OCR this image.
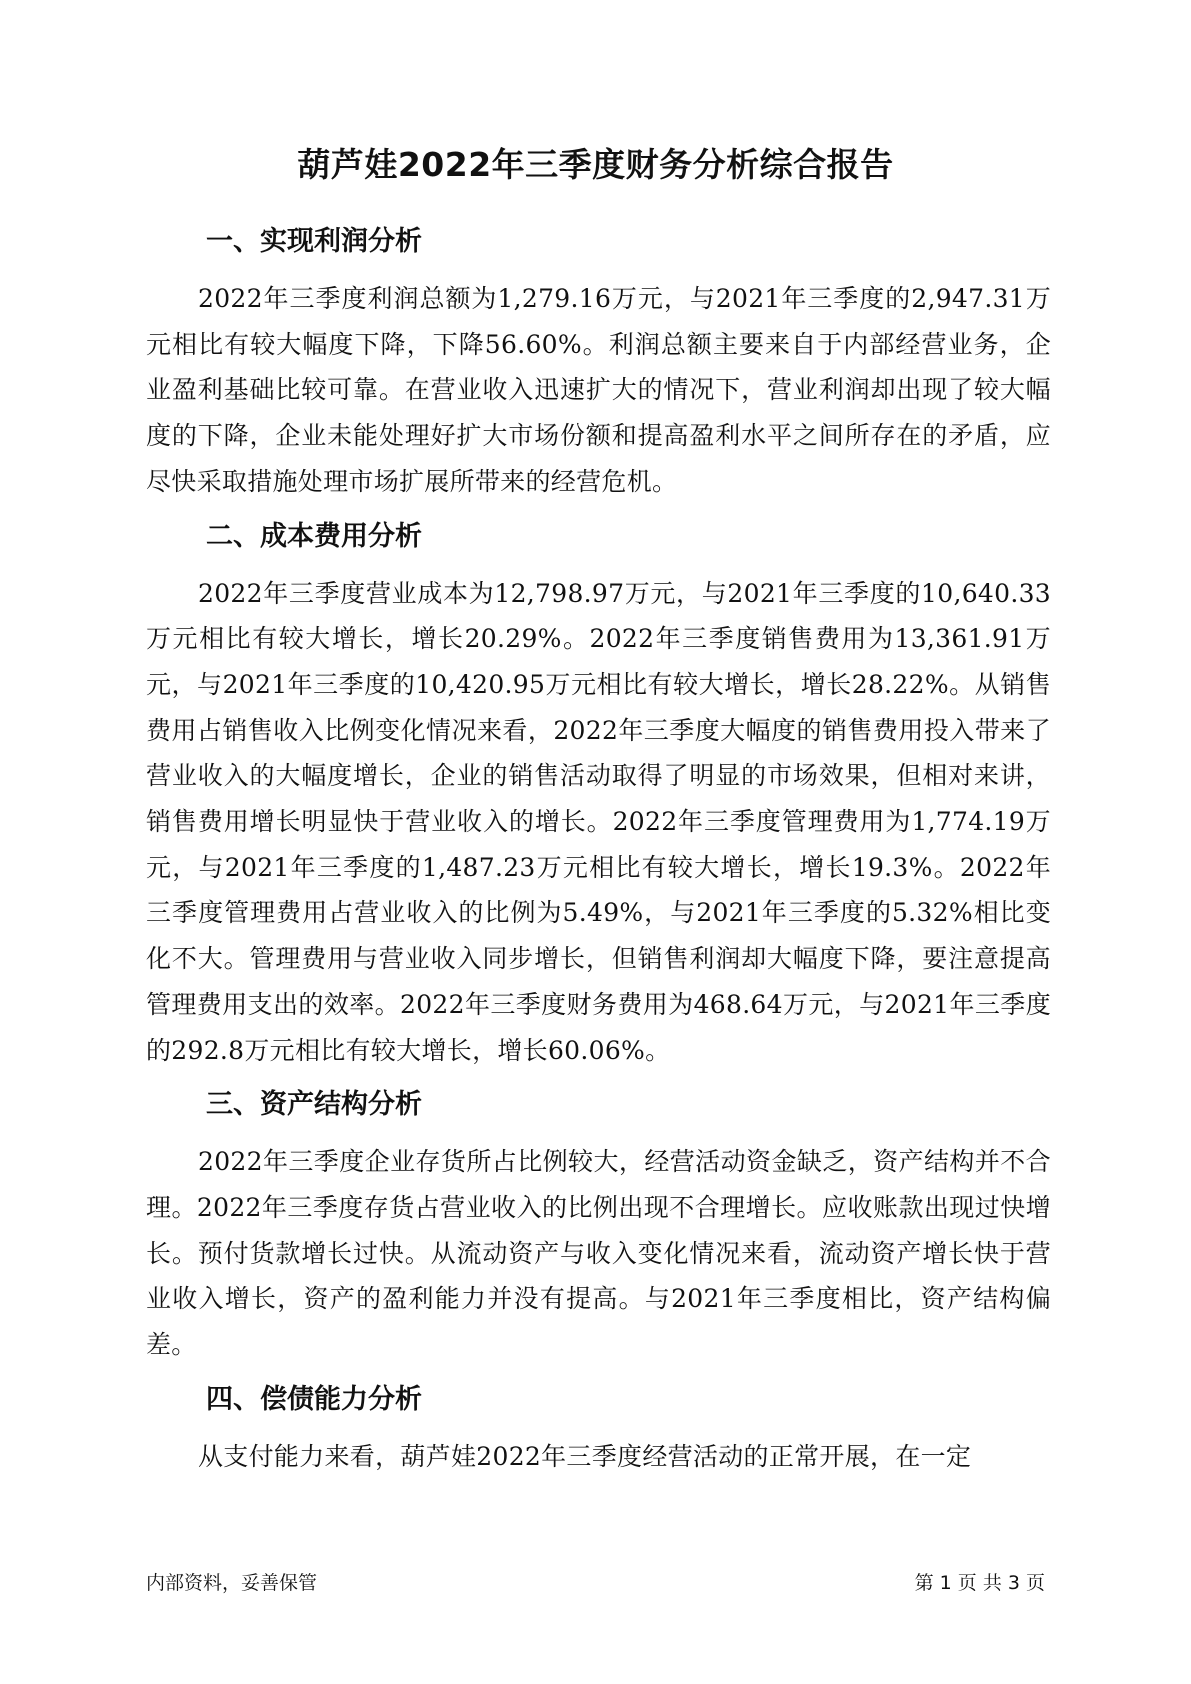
葫芦娃2022年三季度财务分析综合报告
一、实现利润分析

2022年三季度利润总额为1,279.16万元，与2021年三季度的2,947.31万元相比有较大幅度下降，下降56.60%。利润总额主要来自于内部经营业务，企业盈利基础比较可靠。在营业收入迅速扩大的情况下，营业利润却出现了较大幅度的下降，企业未能处理好扩大市场份额和提高盈利水平之间所存在的矛盾，应尽快采取措施处理市场扩展所带来的经营危机。

二、成本费用分析

2022年三季度营业成本为12,798.97万元，与2021年三季度的10,640.33万元相比有较大增长，增长20.29%。2022年三季度销售费用为13,361.91万元，与2021年三季度的10,420.95万元相比有较大增长，增长28.22%。从销售费用占销售收入比例变化情况来看，2022年三季度大幅度的销售费用投入带来了营业收入的大幅度增长，企业的销售活动取得了明显的市场效果，但相对来讲，销售费用增长明显快于营业收入的增长。2022年三季度管理费用为1,774.19万元，与2021年三季度的1,487.23万元相比有较大增长，增长19.3%。2022年三季度管理费用占营业收入的比例为5.49%，与2021年三季度的5.32%相比变化不大。管理费用与营业收入同步增长，但销售利润却大幅度下降，要注意提高管理费用支出的效率。2022年三季度财务费用为468.64万元，与2021年三季度的292.8万元相比有较大增长，增长60.06%。

三、资产结构分析

2022年三季度企业存货所占比例较大，经营活动资金缺乏，资产结构并不合理。2022年三季度存货占营业收入的比例出现不合理增长。应收账款出现过快增长。预付货款增长过快。从流动资产与收入变化情况来看，流动资产增长快于营业收入增长，资产的盈利能力并没有提高。与2021年三季度相比，资产结构偏差。

四、偿债能力分析

从支付能力来看，葫芦娃2022年三季度经营活动的正常开展，在一定

内部资料，妥善保管	第 1 页 共 3 页
